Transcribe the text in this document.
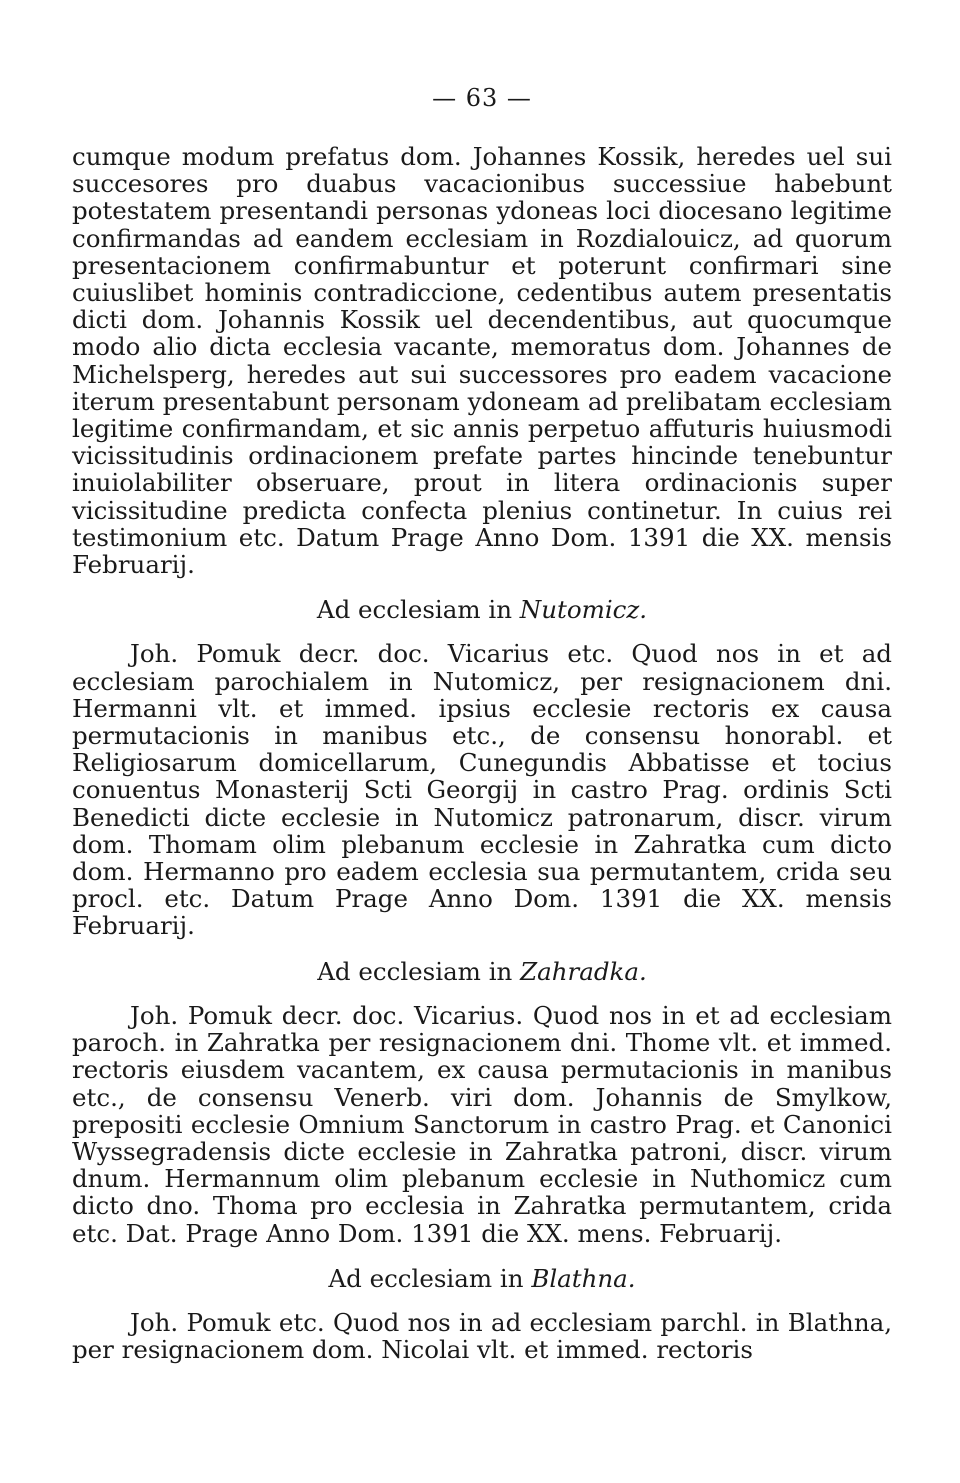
— 63 —

cumque modum prefatus dom. Johannes Kossik, heredes uel sui succesores pro duabus vacacionibus successiue habebunt potestatem presentandi personas ydoneas loci diocesano legitime confirmandas ad eandem ecclesiam in Rozdialouicz, ad quorum presentacionem confirmabuntur et poterunt confirmari sine cuiuslibet hominis contradiccione, cedentibus autem presentatis dicti dom. Johannis Kossik uel decendentibus, aut quocumque modo alio dicta ecclesia vacante, memoratus dom. Johannes de Michelsperg, heredes aut sui successores pro eadem vacacione iterum presentabunt personam ydoneam ad prelibatam ecclesiam legitime confirmandam, et sic annis perpetuo affuturis huiusmodi vicissitudinis ordinacionem prefate partes hincinde tenebuntur inuiolabiliter obseruare, prout in litera ordinacionis super vicissitudine predicta confecta plenius continetur. In cuius rei testimonium etc. Datum Prage Anno Dom. 1391 die XX. mensis Februarij.

Ad ecclesiam in Nutomicz.

Joh. Pomuk decr. doc. Vicarius etc. Quod nos in et ad ecclesiam parochialem in Nutomicz, per resignacionem dni. Hermanni vlt. et immed. ipsius ecclesie rectoris ex causa permutacionis in manibus etc., de consensu honorabl. et Religiosarum domicellarum, Cunegundis Abbatisse et tocius conuentus Monasterij Scti Georgij in castro Prag. ordinis Scti Benedicti dicte ecclesie in Nutomicz patronarum, discr. virum dom. Thomam olim plebanum ecclesie in Zahratka cum dicto dom. Hermanno pro eadem ecclesia sua permutantem, crida seu procl. etc. Datum Prage Anno Dom. 1391 die XX. mensis Februarij.

Ad ecclesiam in Zahradka.

Joh. Pomuk decr. doc. Vicarius. Quod nos in et ad ecclesiam paroch. in Zahratka per resignacionem dni. Thome vlt. et immed. rectoris eiusdem vacantem, ex causa permutacionis in manibus etc., de consensu Venerb. viri dom. Johannis de Smylkow, prepositi ecclesie Omnium Sanctorum in castro Prag. et Canonici Wyssegradensis dicte ecclesie in Zahratka patroni, discr. virum dnum. Hermannum olim plebanum ecclesie in Nuthomicz cum dicto dno. Thoma pro ecclesia in Zahratka permutantem, crida etc. Dat. Prage Anno Dom. 1391 die XX. mens. Februarij.

Ad ecclesiam in Blathna.

Joh. Pomuk etc. Quod nos in ad ecclesiam parchl. in Blathna, per resignacionem dom. Nicolai vlt. et immed. rectoris
